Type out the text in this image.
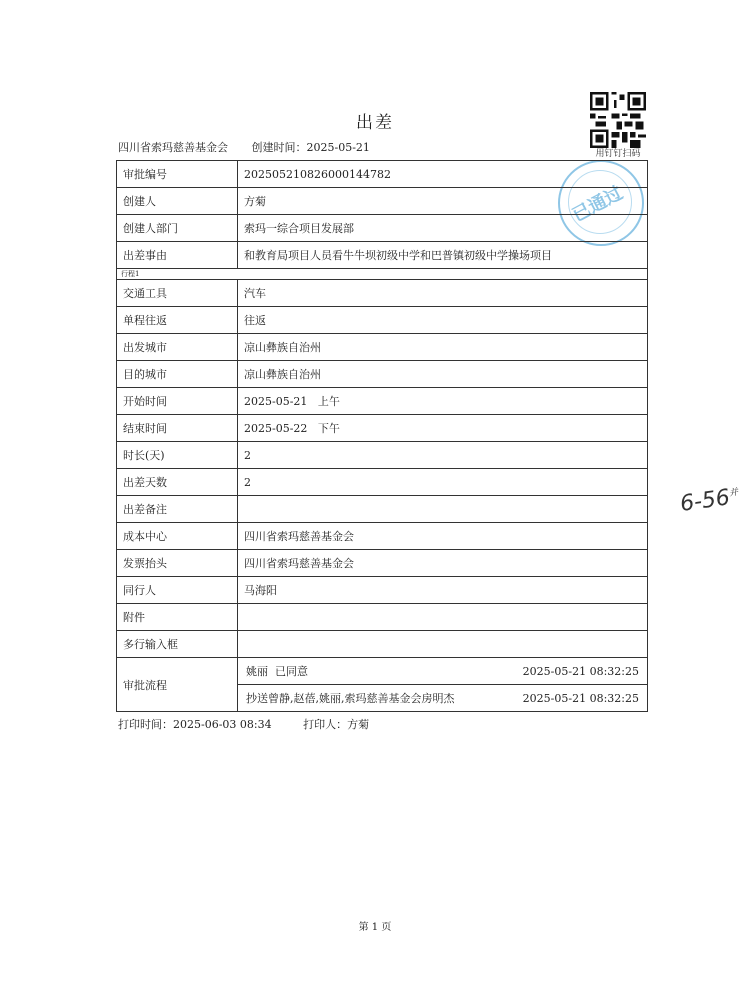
出差
四川省索玛慈善基金会 创建时间：2025-05-21	用钉钉扫码
已通过
审批编号	202505210826000144782
创建人	方菊
创建人部门	索玛一综合项目发展部
出差事由	和教育局项目人员看牛牛坝初级中学和巴普镇初级中学操场项目
行程1	
交通工具	汽车
单程往返	往返
出发城市	凉山彝族自治州
目的城市	凉山彝族自治州
开始时间	2025-05-21   上午
结束时间	2025-05-22   下午
时长(天)	2
出差天数	2
出差备注	
成本中心	四川省索玛慈善基金会
发票抬头	四川省索玛慈善基金会
同行人	马海阳
附件	
多行输入框	
审批流程	姚丽  已同意 2025-05-21 08:32:25
抄送曾静,赵蓓,姚丽,索玛慈善基金会房明杰 2025-05-21 08:32:25
打印时间：2025-06-03 08:34	打印人：方菊
第 1 页
$6-56^并$
